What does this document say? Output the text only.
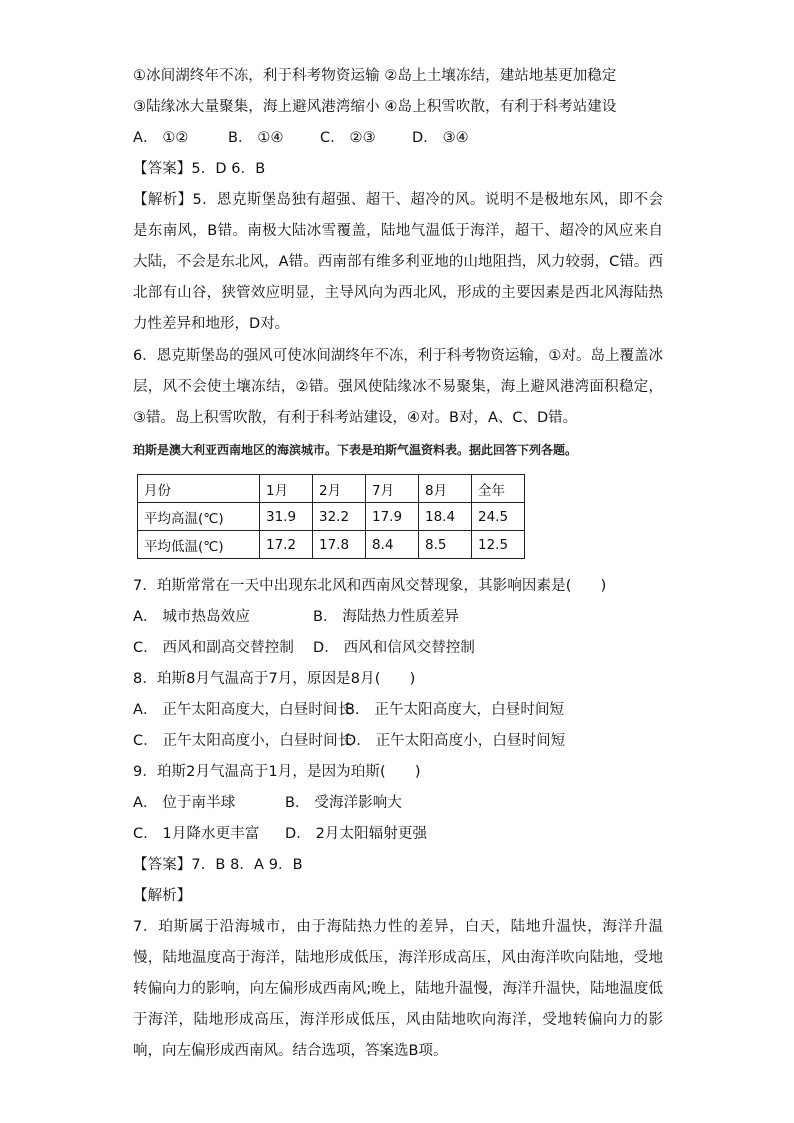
①冰间湖终年不冻，利于科考物资运输 ②岛上土壤冻结，建站地基更加稳定
③陆缘冰大量聚集，海上避风港湾缩小 ④岛上积雪吹散，有利于科考站建设
A． ①②	B． ①④	C． ②③	D． ③④
【答案】5．D 6．B
【解析】5．恩克斯堡岛独有超强、超干、超冷的风。说明不是极地东风，即不会是东南风，B错。南极大陆冰雪覆盖，陆地气温低于海洋，超干、超冷的风应来自大陆，不会是东北风，A错。西南部有维多利亚地的山地阻挡，风力较弱，C错。西北部有山谷，狭管效应明显，主导风向为西北风，形成的主要因素是西北风海陆热力性差异和地形，D对。
6．恩克斯堡岛的强风可使冰间湖终年不冻，利于科考物资运输，①对。岛上覆盖冰层，风不会使土壤冻结，②错。强风使陆缘冰不易聚集，海上避风港湾面积稳定，③错。岛上积雪吹散，有利于科考站建设，④对。B对，A、C、D错。
珀斯是澳大利亚西南地区的海滨城市。下表是珀斯气温资料表。据此回答下列各题。
月份	1月	2月	7月	8月	全年
平均高温(℃)	31.9	32.2	17.9	18.4	24.5
平均低温(℃)	17.2	17.8	8.4	8.5	12.5
7．珀斯常常在一天中出现东北风和西南风交替现象，其影响因素是(　　)
A． 城市热岛效应	B． 海陆热力性质差异
C． 西风和副高交替控制 D． 西风和信风交替控制
8．珀斯8月气温高于7月，原因是8月(　　)
A． 正午太阳高度大，白昼时间长B． 正午太阳高度大，白昼时间短
C． 正午太阳高度小，白昼时间长D． 正午太阳高度小，白昼时间短
9．珀斯2月气温高于1月，是因为珀斯(　　)
A． 位于南半球	B． 受海洋影响大
C． 1月降水更丰富 D． 2月太阳辐射更强
【答案】7．B 8．A 9．B
【解析】
7．珀斯属于沿海城市，由于海陆热力性的差异，白天，陆地升温快，海洋升温慢，陆地温度高于海洋，陆地形成低压，海洋形成高压，风由海洋吹向陆地，受地转偏向力的影响，向左偏形成西南风;晚上，陆地升温慢，海洋升温快，陆地温度低于海洋，陆地形成高压，海洋形成低压，风由陆地吹向海洋，受地转偏向力的影响，向左偏形成西南风。结合选项，答案选B项。
